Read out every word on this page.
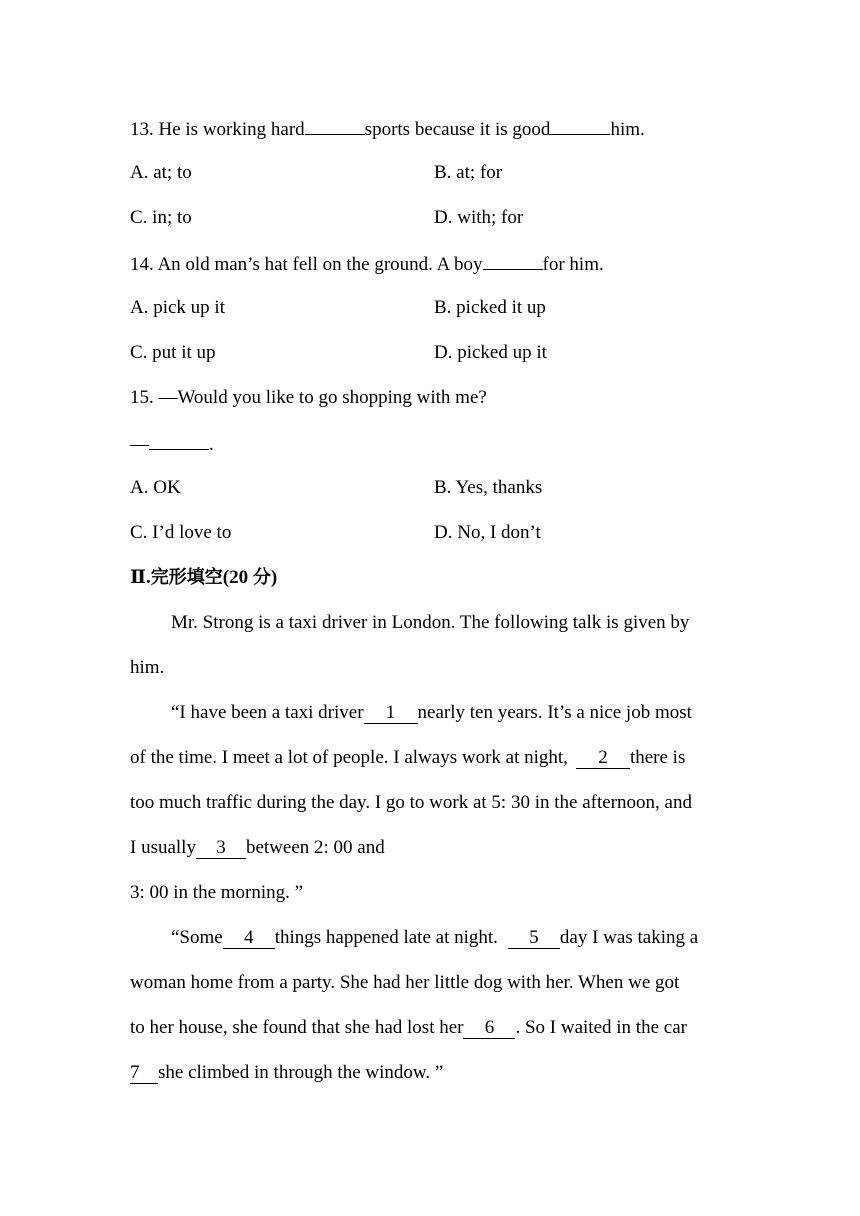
13. He is working hard	sports because it is good	him.
A. at; to	B. at; for
C. in; to	D. with; for
14. An old man’s hat fell on the ground. A boy	for him.
A. pick up it	B. picked it up
C. put it up	D. picked up it
15. —Would you like to go shopping with me?
—	.
A. OK	B. Yes, thanks
C. I’d love to	D. No, I don’t
Ⅱ.完形填空(20 分)
Mr. Strong is a taxi driver in London. The following talk is given by
him.
“I have been a taxi driver 1 nearly ten years. It’s a nice job most
of the time. I meet a lot of people. I always work at night, 2 there is
too much traffic during the day. I go to work at 5: 30 in the afternoon, and
I usually 3 between 2: 00 and
3: 00 in the morning. ”
“Some 4 things happened late at night. 5 day I was taking a
woman home from a party. She had her little dog with her. When we got
to her house, she found that she had lost her 6 . So I waited in the car
7 she climbed in through the window. ”
